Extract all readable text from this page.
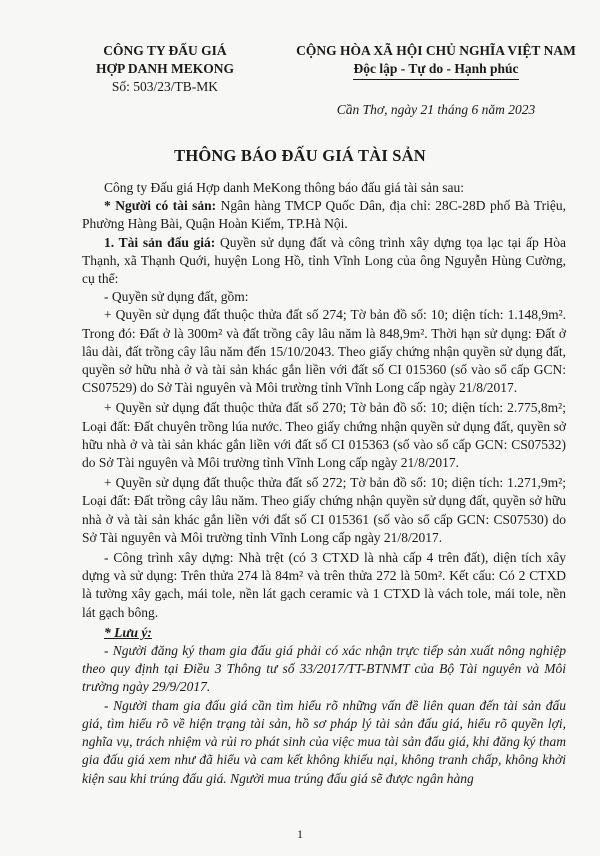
CÔNG TY ĐẤU GIÁ
HỢP DANH MEKONG
Số: 503/23/TB-MK
CỘNG HÒA XÃ HỘI CHỦ NGHĨA VIỆT NAM
Độc lập - Tự do - Hạnh phúc
Cần Thơ, ngày 21 tháng 6 năm 2023
THÔNG BÁO ĐẤU GIÁ TÀI SẢN

Công ty Đấu giá Hợp danh MeKong thông báo đấu giá tài sản sau:

* Người có tài sản: Ngân hàng TMCP Quốc Dân, địa chỉ: 28C-28D phố Bà Triệu, Phường Hàng Bài, Quận Hoàn Kiếm, TP.Hà Nội.

1. Tài sản đấu giá: Quyền sử dụng đất và công trình xây dựng tọa lạc tại ấp Hòa Thạnh, xã Thạnh Quới, huyện Long Hồ, tỉnh Vĩnh Long của ông Nguyễn Hùng Cường, cụ thể:

- Quyền sử dụng đất, gồm:

+ Quyền sử dụng đất thuộc thửa đất số 274; Tờ bản đồ số: 10; diện tích: 1.148,9m². Trong đó: Đất ở là 300m² và đất trồng cây lâu năm là 848,9m². Thời hạn sử dụng: Đất ở lâu dài, đất trồng cây lâu năm đến 15/10/2043. Theo giấy chứng nhận quyền sử dụng đất, quyền sở hữu nhà ở và tài sản khác gắn liền với đất số CI 015360 (số vào sổ cấp GCN: CS07529) do Sở Tài nguyên và Môi trường tỉnh Vĩnh Long cấp ngày 21/8/2017.

+ Quyền sử dụng đất thuộc thửa đất số 270; Tờ bản đồ số: 10; diện tích: 2.775,8m²; Loại đất: Đất chuyên trồng lúa nước. Theo giấy chứng nhận quyền sử dụng đất, quyền sở hữu nhà ở và tài sản khác gắn liền với đất số CI 015363 (số vào sổ cấp GCN: CS07532) do Sở Tài nguyên và Môi trường tỉnh Vĩnh Long cấp ngày 21/8/2017.

+ Quyền sử dụng đất thuộc thửa đất số 272; Tờ bản đồ số: 10; diện tích: 1.271,9m²; Loại đất: Đất trồng cây lâu năm. Theo giấy chứng nhận quyền sử dụng đất, quyền sở hữu nhà ở và tài sản khác gắn liền với đất số CI 015361 (số vào sổ cấp GCN: CS07530) do Sở Tài nguyên và Môi trường tỉnh Vĩnh Long cấp ngày 21/8/2017.

- Công trình xây dựng: Nhà trệt (có 3 CTXD là nhà cấp 4 trên đất), diện tích xây dựng và sử dụng: Trên thửa 274 là 84m² và trên thửa 272 là 50m². Kết cấu: Có 2 CTXD là tường xây gạch, mái tole, nền lát gạch ceramic và 1 CTXD là vách tole, mái tole, nền lát gạch bông.

* Lưu ý:

- Người đăng ký tham gia đấu giá phải có xác nhận trực tiếp sản xuất nông nghiệp theo quy định tại Điều 3 Thông tư số 33/2017/TT-BTNMT của Bộ Tài nguyên và Môi trường ngày 29/9/2017.

- Người tham gia đấu giá cần tìm hiểu rõ những vấn đề liên quan đến tài sản đấu giá, tìm hiểu rõ về hiện trạng tài sản, hồ sơ pháp lý tài sản đấu giá, hiểu rõ quyền lợi, nghĩa vụ, trách nhiệm và rủi ro phát sinh của việc mua tài sản đấu giá, khi đăng ký tham gia đấu giá xem như đã hiểu và cam kết không khiếu nại, không tranh chấp, không khởi kiện sau khi trúng đấu giá. Người mua trúng đấu giá sẽ được ngân hàng

1
